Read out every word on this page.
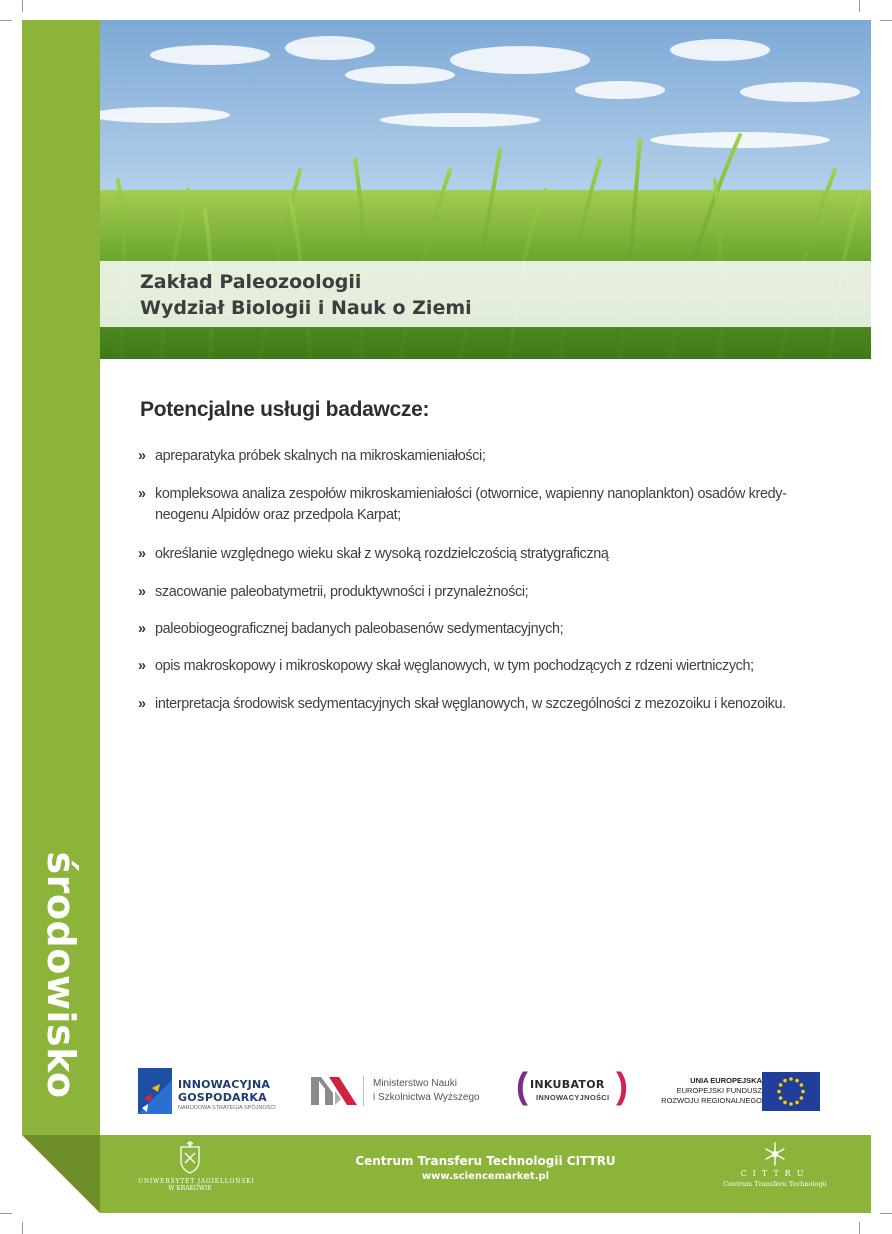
środowisko
Zakład Paleozoologii
Wydział Biologii i Nauk o Ziemi
Potencjalne usługi badawcze:
» apreparatyka próbek skalnych na mikroskamieniałości;
» kompleksowa analiza zespołów mikroskamieniałości (otwornice, wapienny nanoplankton) osadów kredy-neogenu Alpidów oraz przedpola Karpat;
» określanie względnego wieku skał z wysoką rozdzielczością stratygraficzną
» szacowanie paleobatymetrii, produktywności i przynależności;
» paleobiogeograficznej badanych paleobasenów sedymentacyjnych;
» opis makroskopowy i mikroskopowy skał węglanowych, w tym pochodzących z rdzeni wiertniczych;
» interpretacja środowisk sedymentacyjnych skał węglanowych, w szczególności z mezozoiku i kenozoiku.
INNOWACYJNA
GOSPODARKA
NARODOWA STRATEGIA SPÓJNOŚCI
Ministerstwo Nauki
i Szkolnictwa Wyższego ( INKUBATOR
INNOWACYJNOŚCI )	UNIA EUROPEJSKA
EUROPEJSKI FUNDUSZ
ROZWOJU REGIONALNEGO
UNIWERSYTET JAGIELLOŃSKI
W KRAKOWIE
Centrum Transferu Technologii CITTRU
www.sciencemarket.pl	CITTRU
Centrum Transferu Technologii
